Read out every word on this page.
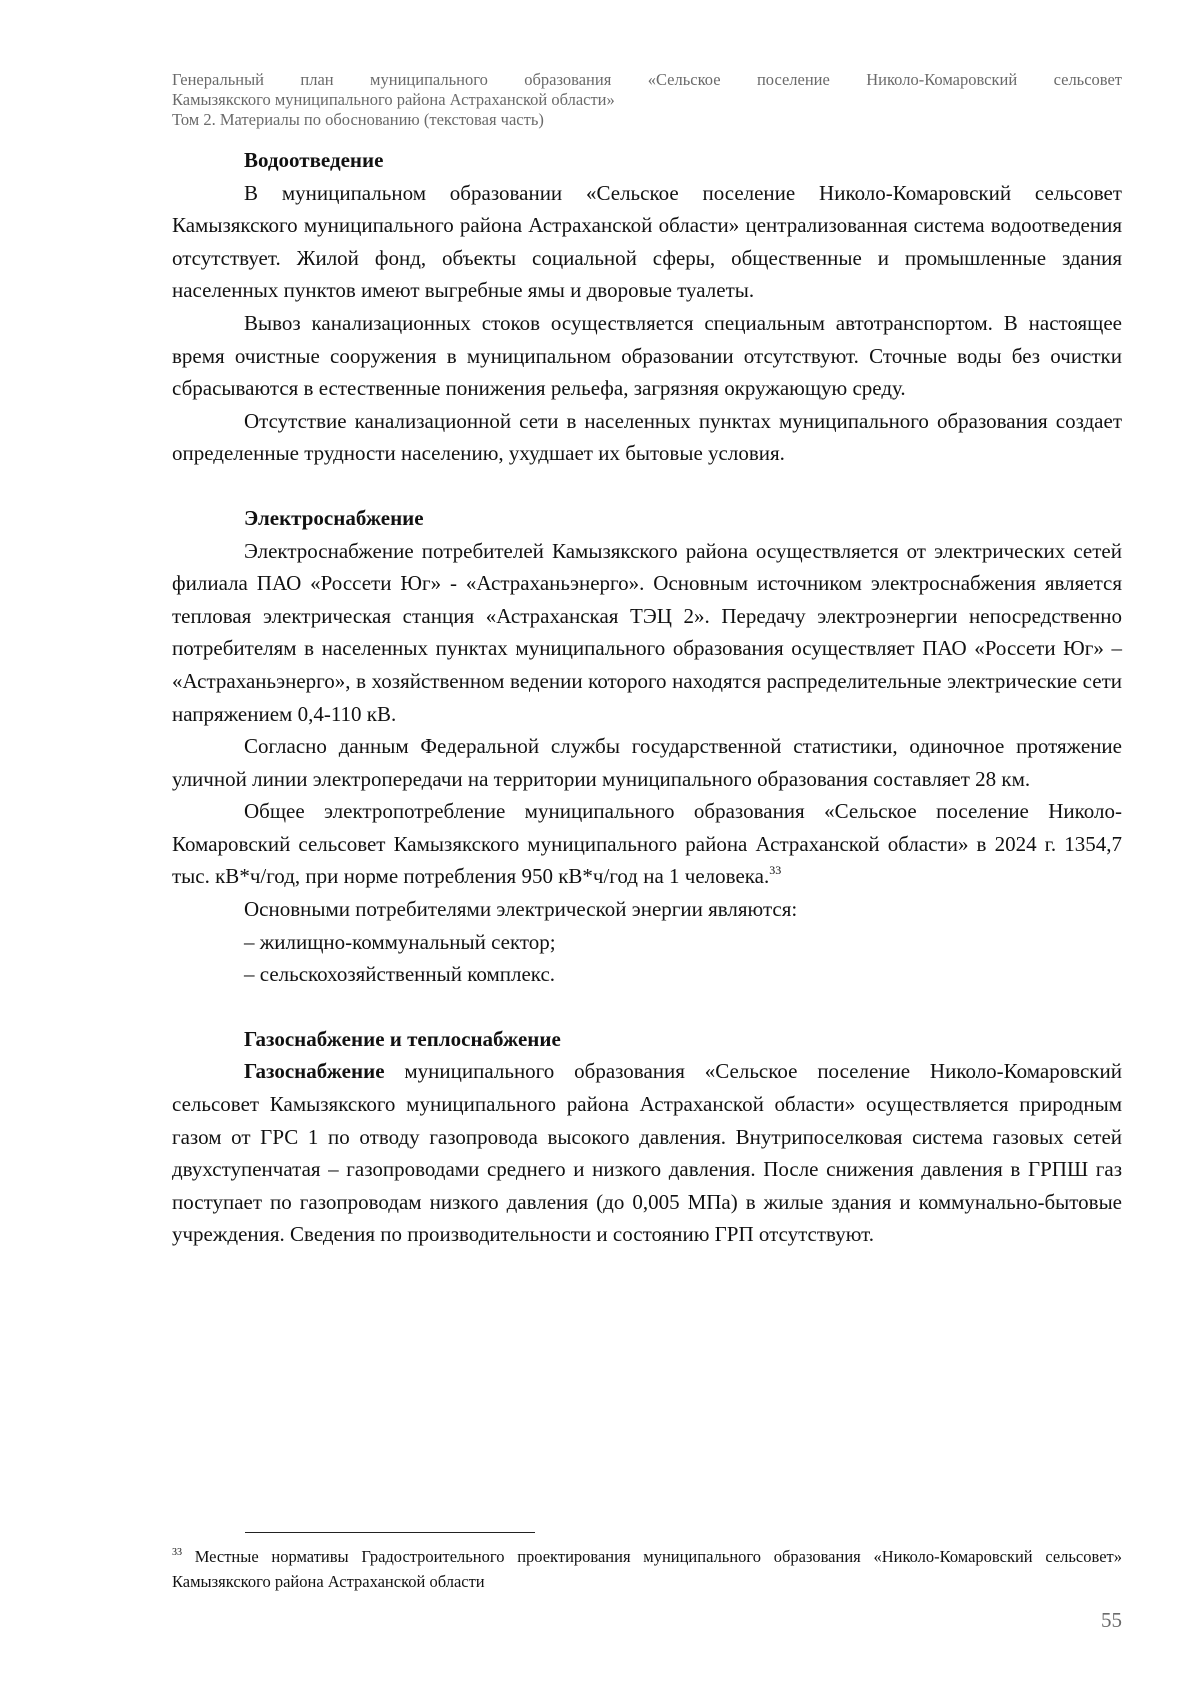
Генеральный план муниципального образования «Сельское поселение Николо-Комаровский сельсовет
Камызякского муниципального района Астраханской области»
Том 2. Материалы по обоснованию (текстовая часть)
Водоотведение

В муниципальном образовании «Сельское поселение Николо-Комаровский сельсовет Камызякского муниципального района Астраханской области» централизованная система водоотведения отсутствует. Жилой фонд, объекты социальной сферы, общественные и промышленные здания населенных пунктов имеют выгребные ямы и дворовые туалеты.

Вывоз канализационных стоков осуществляется специальным автотранспортом. В настоящее время очистные сооружения в муниципальном образовании отсутствуют. Сточные воды без очистки сбрасываются в естественные понижения рельефа, загрязняя окружающую среду.

Отсутствие канализационной сети в населенных пунктах муниципального образования создает определенные трудности населению, ухудшает их бытовые условия.

Электроснабжение

Электроснабжение потребителей Камызякского района осуществляется от электрических сетей филиала ПАО «Россети Юг» - «Астраханьэнерго». Основным источником электроснабжения является тепловая электрическая станция «Астраханская ТЭЦ 2». Передачу электроэнергии непосредственно потребителям в населенных пунктах муниципального образования осуществляет ПАО «Россети Юг» – «Астраханьэнерго», в хозяйственном ведении которого находятся распределительные электрические сети напряжением 0,4-110 кВ.

Согласно данным Федеральной службы государственной статистики, одиночное протяжение уличной линии электропередачи на территории муниципального образования составляет 28 км.

Общее электропотребление муниципального образования «Сельское поселение Николо-Комаровский сельсовет Камызякского муниципального района Астраханской области» в 2024 г. 1354,7 тыс. кВ*ч/год, при норме потребления 950 кВ*ч/год на 1 человека.$^{33}$

Основными потребителями электрической энергии являются:

– жилищно-коммунальный сектор;
– сельскохозяйственный комплекс.
Газоснабжение и теплоснабжение

Газоснабжение муниципального образования «Сельское поселение Николо-Комаровский сельсовет Камызякского муниципального района Астраханской области» осуществляется природным газом от ГРС 1 по отводу газопровода высокого давления. Внутрипоселковая система газовых сетей двухступенчатая – газопроводами среднего и низкого давления. После снижения давления в ГРПШ газ поступает по газопроводам низкого давления (до 0,005 МПа) в жилые здания и коммунально-бытовые учреждения. Сведения по производительности и состоянию ГРП отсутствуют.

$^{33}$ Местные нормативы Градостроительного проектирования муниципального образования «Николо-Комаровский сельсовет» Камызякского района Астраханской области
55
